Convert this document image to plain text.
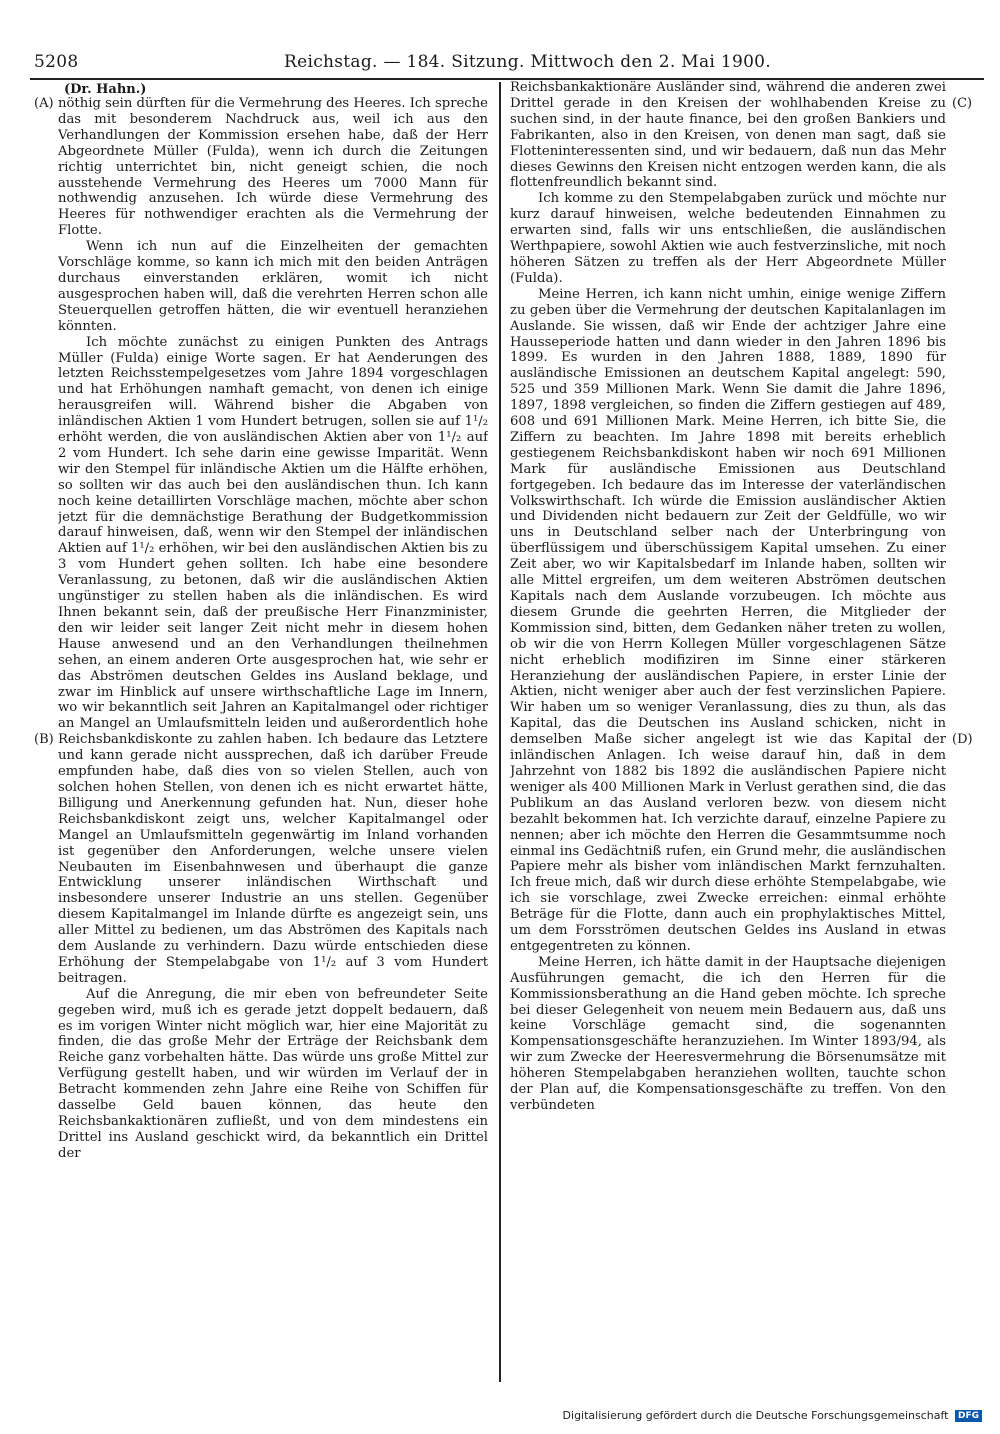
5208	Reichstag. — 184. Sitzung. Mittwoch den 2. Mai 1900.
(Dr. Hahn.)
(A)
(B)
(C)
(D)

nöthig sein dürften für die Vermehrung des Heeres. Ich spreche das mit besonderem Nachdruck aus, weil ich aus den Verhandlungen der Kommission ersehen habe, daß der Herr Abgeordnete Müller (Fulda), wenn ich durch die Zeitungen richtig unterrichtet bin, nicht geneigt schien, die noch ausstehende Vermehrung des Heeres um 7000 Mann für nothwendig anzusehen. Ich würde diese Vermehrung des Heeres für nothwendiger erachten als die Vermehrung der Flotte.

Wenn ich nun auf die Einzelheiten der gemachten Vorschläge komme, so kann ich mich mit den beiden Anträgen durchaus einverstanden erklären, womit ich nicht ausgesprochen haben will, daß die verehrten Herren schon alle Steuerquellen getroffen hätten, die wir eventuell heranziehen könnten.

Ich möchte zunächst zu einigen Punkten des Antrags Müller (Fulda) einige Worte sagen. Er hat Aenderungen des letzten Reichsstempelgesetzes vom Jahre 1894 vorgeschlagen und hat Erhöhungen namhaft gemacht, von denen ich einige herausgreifen will. Während bisher die Abgaben von inländischen Aktien 1 vom Hundert betrugen, sollen sie auf 1¹/₂ erhöht werden, die von ausländischen Aktien aber von 1¹/₂ auf 2 vom Hundert. Ich sehe darin eine gewisse Imparität. Wenn wir den Stempel für inländische Aktien um die Hälfte erhöhen, so sollten wir das auch bei den ausländischen thun. Ich kann noch keine detaillirten Vorschläge machen, möchte aber schon jetzt für die demnächstige Berathung der Budgetkommission darauf hinweisen, daß, wenn wir den Stempel der inländischen Aktien auf 1¹/₂ erhöhen, wir bei den ausländischen Aktien bis zu 3 vom Hundert gehen sollten. Ich habe eine besondere Veranlassung, zu betonen, daß wir die ausländischen Aktien ungünstiger zu stellen haben als die inländischen. Es wird Ihnen bekannt sein, daß der preußische Herr Finanzminister, den wir leider seit langer Zeit nicht mehr in diesem hohen Hause anwesend und an den Verhandlungen theilnehmen sehen, an einem anderen Orte ausgesprochen hat, wie sehr er das Abströmen deutschen Geldes ins Ausland beklage, und zwar im Hinblick auf unsere wirthschaftliche Lage im Innern, wo wir bekanntlich seit Jahren an Kapitalmangel oder richtiger an Mangel an Umlaufsmitteln leiden und außerordentlich hohe Reichsbankdiskonte zu zahlen haben. Ich bedaure das Letztere und kann gerade nicht aussprechen, daß ich darüber Freude empfunden habe, daß dies von so vielen Stellen, auch von solchen hohen Stellen, von denen ich es nicht erwartet hätte, Billigung und Anerkennung gefunden hat. Nun, dieser hohe Reichsbankdiskont zeigt uns, welcher Kapitalmangel oder Mangel an Umlaufsmitteln gegenwärtig im Inland vorhanden ist gegenüber den Anforderungen, welche unsere vielen Neubauten im Eisenbahnwesen und überhaupt die ganze Entwicklung unserer inländischen Wirthschaft und insbesondere unserer Industrie an uns stellen. Gegenüber diesem Kapitalmangel im Inlande dürfte es angezeigt sein, uns aller Mittel zu bedienen, um das Abströmen des Kapitals nach dem Auslande zu verhindern. Dazu würde entschieden diese Erhöhung der Stempelabgabe von 1¹/₂ auf 3 vom Hundert beitragen.

Auf die Anregung, die mir eben von befreundeter Seite gegeben wird, muß ich es gerade jetzt doppelt bedauern, daß es im vorigen Winter nicht möglich war, hier eine Majorität zu finden, die das große Mehr der Erträge der Reichsbank dem Reiche ganz vorbehalten hätte. Das würde uns große Mittel zur Verfügung gestellt haben, und wir würden im Verlauf der in Betracht kommenden zehn Jahre eine Reihe von Schiffen für dasselbe Geld bauen können, das heute den Reichsbankaktionären zufließt, und von dem mindestens ein Drittel ins Ausland geschickt wird, da bekanntlich ein Drittel der

Reichsbankaktionäre Ausländer sind, während die anderen zwei Drittel gerade in den Kreisen der wohlhabenden Kreise zu suchen sind, in der haute finance, bei den großen Bankiers und Fabrikanten, also in den Kreisen, von denen man sagt, daß sie Flotteninteressenten sind, und wir bedauern, daß nun das Mehr dieses Gewinns den Kreisen nicht entzogen werden kann, die als flottenfreundlich bekannt sind.

Ich komme zu den Stempelabgaben zurück und möchte nur kurz darauf hinweisen, welche bedeutenden Einnahmen zu erwarten sind, falls wir uns entschließen, die ausländischen Werthpapiere, sowohl Aktien wie auch festverzinsliche, mit noch höheren Sätzen zu treffen als der Herr Abgeordnete Müller (Fulda).

Meine Herren, ich kann nicht umhin, einige wenige Ziffern zu geben über die Vermehrung der deutschen Kapitalanlagen im Auslande. Sie wissen, daß wir Ende der achtziger Jahre eine Hausseperiode hatten und dann wieder in den Jahren 1896 bis 1899. Es wurden in den Jahren 1888, 1889, 1890 für ausländische Emissionen an deutschem Kapital angelegt: 590, 525 und 359 Millionen Mark. Wenn Sie damit die Jahre 1896, 1897, 1898 vergleichen, so finden die Ziffern gestiegen auf 489, 608 und 691 Millionen Mark. Meine Herren, ich bitte Sie, die Ziffern zu beachten. Im Jahre 1898 mit bereits erheblich gestiegenem Reichsbankdiskont haben wir noch 691 Millionen Mark für ausländische Emissionen aus Deutschland fortgegeben. Ich bedaure das im Interesse der vaterländischen Volkswirthschaft. Ich würde die Emission ausländischer Aktien und Dividenden nicht bedauern zur Zeit der Geldfülle, wo wir uns in Deutschland selber nach der Unterbringung von überflüssigem und überschüssigem Kapital umsehen. Zu einer Zeit aber, wo wir Kapitalsbedarf im Inlande haben, sollten wir alle Mittel ergreifen, um dem weiteren Abströmen deutschen Kapitals nach dem Auslande vorzubeugen. Ich möchte aus diesem Grunde die geehrten Herren, die Mitglieder der Kommission sind, bitten, dem Gedanken näher treten zu wollen, ob wir die von Herrn Kollegen Müller vorgeschlagenen Sätze nicht erheblich modifiziren im Sinne einer stärkeren Heranziehung der ausländischen Papiere, in erster Linie der Aktien, nicht weniger aber auch der fest verzinslichen Papiere. Wir haben um so weniger Veranlassung, dies zu thun, als das Kapital, das die Deutschen ins Ausland schicken, nicht in demselben Maße sicher angelegt ist wie das Kapital der inländischen Anlagen. Ich weise darauf hin, daß in dem Jahrzehnt von 1882 bis 1892 die ausländischen Papiere nicht weniger als 400 Millionen Mark in Verlust gerathen sind, die das Publikum an das Ausland verloren bezw. von diesem nicht bezahlt bekommen hat. Ich verzichte darauf, einzelne Papiere zu nennen; aber ich möchte den Herren die Gesammtsumme noch einmal ins Gedächtniß rufen, ein Grund mehr, die ausländischen Papiere mehr als bisher vom inländischen Markt fernzuhalten. Ich freue mich, daß wir durch diese erhöhte Stempelabgabe, wie ich sie vorschlage, zwei Zwecke erreichen: einmal erhöhte Beträge für die Flotte, dann auch ein prophylaktisches Mittel, um dem Forsströmen deutschen Geldes ins Ausland in etwas entgegentreten zu können.

Meine Herren, ich hätte damit in der Hauptsache diejenigen Ausführungen gemacht, die ich den Herren für die Kommissionsberathung an die Hand geben möchte. Ich spreche bei dieser Gelegenheit von neuem mein Bedauern aus, daß uns keine Vorschläge gemacht sind, die sogenannten Kompensationsgeschäfte heranzuziehen. Im Winter 1893/94, als wir zum Zwecke der Heeresvermehrung die Börsenumsätze mit höheren Stempelabgaben heranziehen wollten, tauchte schon der Plan auf, die Kompensationsgeschäfte zu treffen. Von den verbündeten

Digitalisierung gefördert durch die Deutsche Forschungsgemeinschaft DFG
